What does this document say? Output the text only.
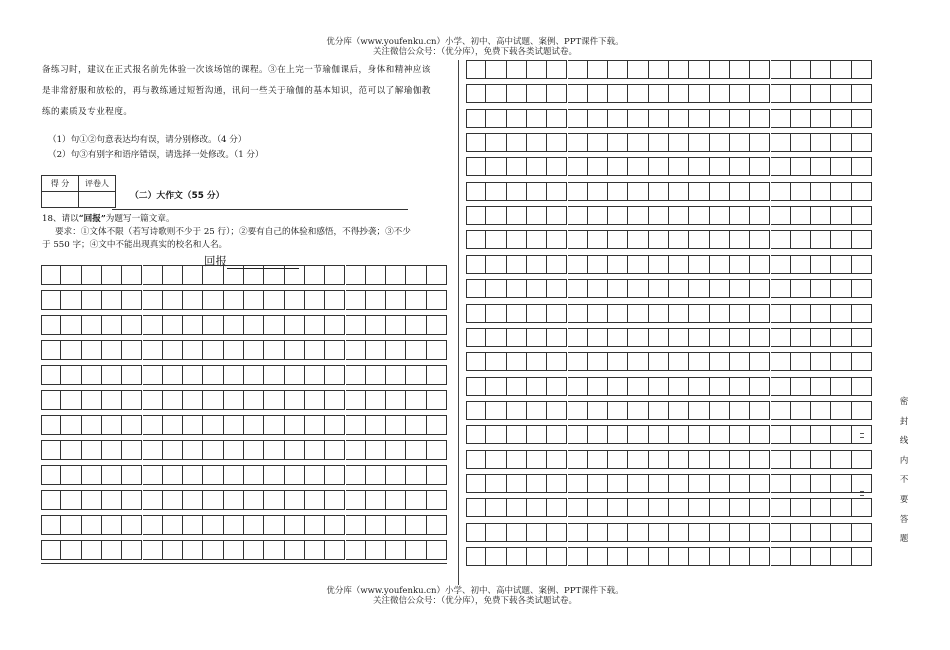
优分库（www.youfenku.cn）小学、初中、高中试题、案例、PPT课件下载。
关注微信公众号：（优分库），免费下载各类试题试卷。
备练习时，建议在正式报名前先体验一次该场馆的课程。③在上完一节瑜伽课后，身体和精神应该
是非常舒服和放松的，再与教练通过短暂沟通，讯问一些关于瑜伽的基本知识，范可以了解瑜伽教
练的素质及专业程度。
（1）句①②句意表达均有误，请分别修改。（4 分）
（2）句③有别字和语序错误，请选择一处修改。（1 分）
得 分	评卷人

（二）大作文（55 分）
18、请以“回报”为题写一篇文章。
要求：①文体不限（若写诗歌则不少于 25 行）；②要有自己的体验和感悟，不得抄袭；③不少
于 550 字；④文中不能出现真实的校名和人名。
回报
密
封
线
内
不
要
答
题
优分库（www.youfenku.cn）小学、初中、高中试题、案例、PPT课件下载。
关注微信公众号：（优分库），免费下载各类试题试卷。
